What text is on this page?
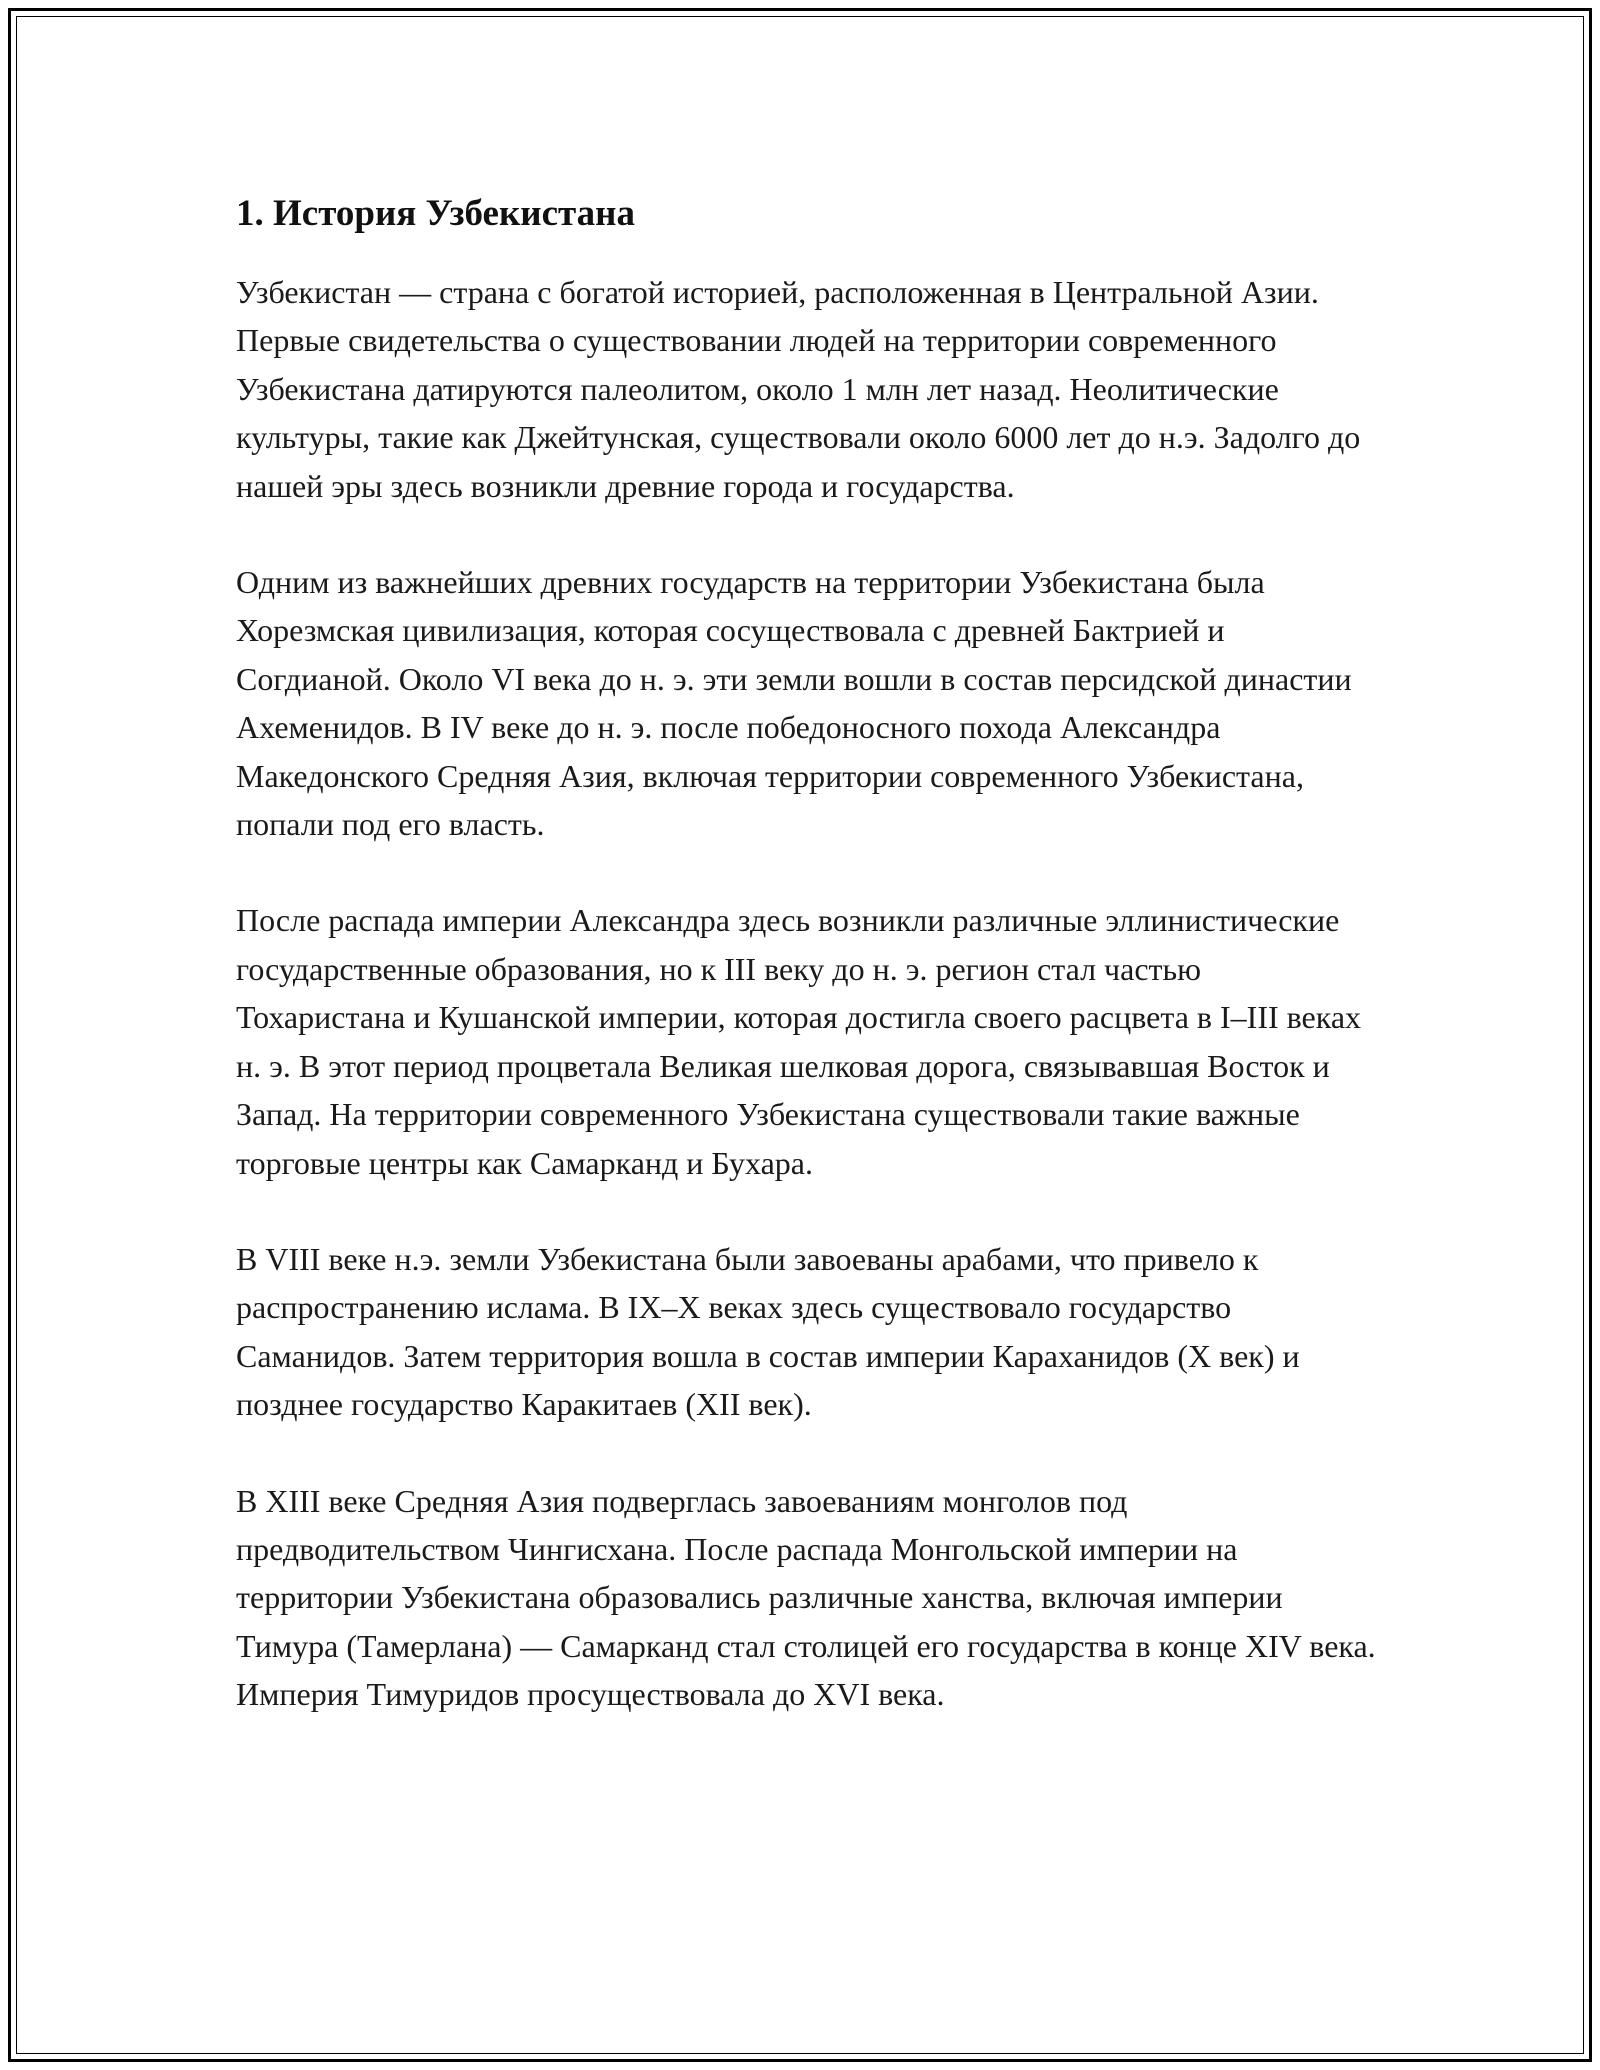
1. История Узбекистана

Узбекистан — страна с богатой историей, расположенная в Центральной Азии. Первые свидетельства о существовании людей на территории современного Узбекистана датируются палеолитом, около 1 млн лет назад. Неолитические культуры, такие как Джейтунская, существовали около 6000 лет до н.э. Задолго до нашей эры здесь возникли древние города и государства.

Одним из важнейших древних государств на территории Узбекистана была Хорезмская цивилизация, которая сосуществовала с древней Бактрией и Согдианой. Около VI века до н. э. эти земли вошли в состав персидской династии Ахеменидов. В IV веке до н. э. после победоносного похода Александра Македонского Средняя Азия, включая территории современного Узбекистана, попали под его власть.

После распада империи Александра здесь возникли различные эллинистические государственные образования, но к III веку до н. э. регион стал частью Тохаристана и Кушанской империи, которая достигла своего расцвета в I–III веках н. э. В этот период процветала Великая шелковая дорога, связывавшая Восток и Запад. На территории современного Узбекистана существовали такие важные торговые центры как Самарканд и Бухара.

В VIII веке н.э. земли Узбекистана были завоеваны арабами, что привело к распространению ислама. В IX–X веках здесь существовало государство Саманидов. Затем территория вошла в состав империи Караханидов (X век) и позднее государство Каракитаев (XII век).

В XIII веке Средняя Азия подверглась завоеваниям монголов под предводительством Чингисхана. После распада Монгольской империи на территории Узбекистана образовались различные ханства, включая империи Тимура (Тамерлана) — Самарканд стал столицей его государства в конце XIV века. Империя Тимуридов просуществовала до XVI века.
